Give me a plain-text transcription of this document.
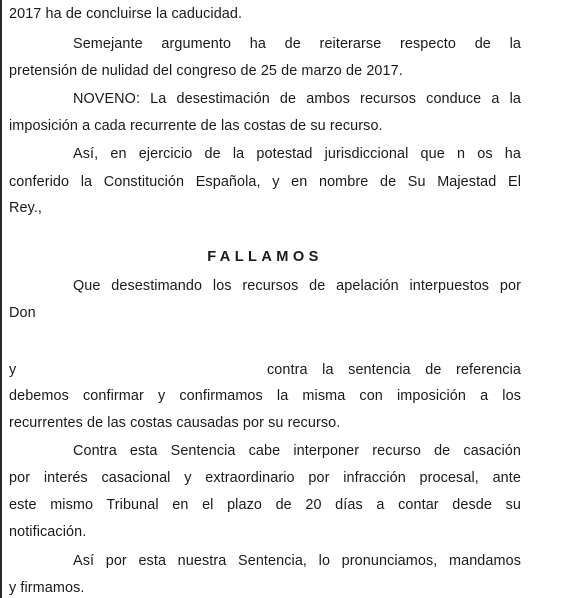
2017 ha de concluirse la caducidad.
Semejante argumento ha de reiterarse respecto de la
pretensión de nulidad del congreso de 25 de marzo de 2017.
NOVENO: La desestimación de ambos recursos conduce a la
imposición a cada recurrente de las costas de su recurso.
Así, en ejercicio de la potestad jurisdiccional que n os ha
conferido la Constitución Española, y en nombre de Su Majestad El
Rey.,
FALLAMOS
Que desestimando los recursos de apelación interpuestos por
Don
y	contra la sentencia de referencia
debemos confirmar y confirmamos la misma con imposición a los
recurrentes de las costas causadas por su recurso.
Contra esta Sentencia cabe interponer recurso de casación
por interés casacional y extraordinario por infracción procesal, ante
este mismo Tribunal en el plazo de 20 días a contar desde su
notificación.
Así por esta nuestra Sentencia, lo pronunciamos, mandamos
y firmamos.
